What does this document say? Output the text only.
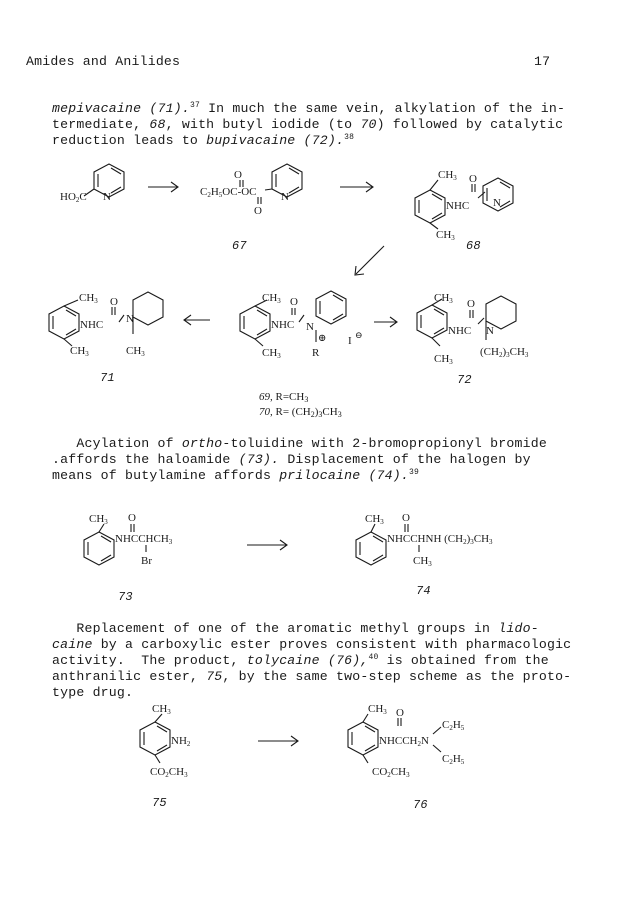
Amides and Anilides	17
mepivacaine (71).$^{37}$ In much the same vein, alkylation of the in-
termediate, 68, with butyl iodide (to 70) followed by catalytic
reduction leads to bupivacaine (72).$^{38}$
HO2C N
O
C2H5OC-OC
O
N
CH3 O
NHC N
CH3
CH3 O
NHC N
CH3	CH3
CH3 O
NHC N
⊕ I ⊖
CH3	R
CH3 O
NHC N
CH3
(CH2)3CH3
CH3 O
NHCCHCH3
Br
CH3 O
NHCCHNH (CH2)3CH3
CH3
CH3
NH2
CO2CH3
CH3 O
NHCCH2N
C2H5
C2H5
CO2CH3
67	68
71	72
69, $R=CH_3$
70, $R= (CH_2)_3CH_3$
Acylation of ortho-toluidine with 2-bromopropionyl bromide
.affords the haloamide (73). Displacement of the halogen by
means of butylamine affords prilocaine (74).$^{39}$
73	74
Replacement of one of the aromatic methyl groups in lido-
caine by a carboxylic ester proves consistent with pharmacologic
activity.  The product, tolycaine (76),$^{40}$ is obtained from the
anthranilic ester, 75, by the same two-step scheme as the proto-
type drug.
75	76
